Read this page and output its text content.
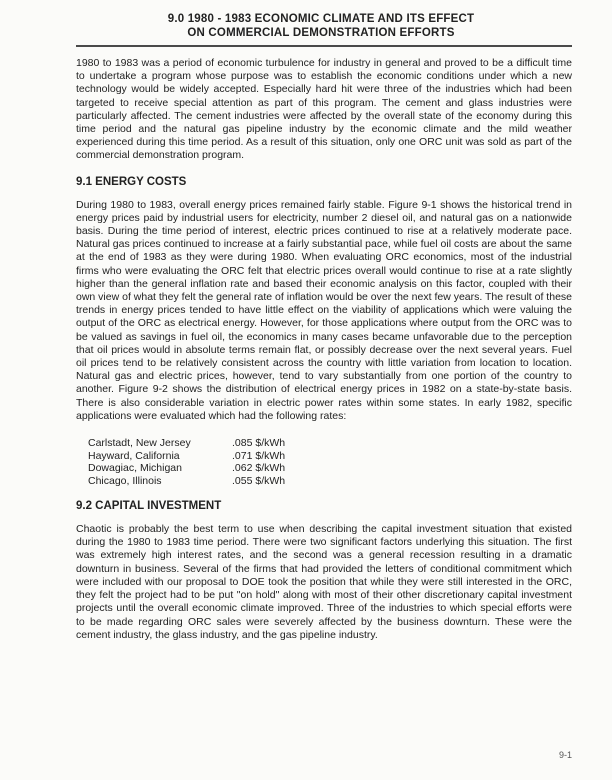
9.0 1980 - 1983 ECONOMIC CLIMATE AND ITS EFFECT
ON COMMERCIAL DEMONSTRATION EFFORTS

1980 to 1983 was a period of economic turbulence for industry in general and proved to be a difficult time to undertake a program whose purpose was to establish the economic conditions under which a new technology would be widely accepted. Especially hard hit were three of the industries which had been targeted to receive special attention as part of this program. The cement and glass industries were particularly affected. The cement industries were affected by the overall state of the economy during this time period and the natural gas pipeline industry by the economic climate and the mild weather experienced during this time period. As a result of this situation, only one ORC unit was sold as part of the commercial demonstration program.

9.1 ENERGY COSTS

During 1980 to 1983, overall energy prices remained fairly stable. Figure 9-1 shows the historical trend in energy prices paid by industrial users for electricity, number 2 diesel oil, and natural gas on a nationwide basis. During the time period of interest, electric prices continued to rise at a relatively moderate pace. Natural gas prices continued to increase at a fairly substantial pace, while fuel oil costs are about the same at the end of 1983 as they were during 1980. When evaluating ORC economics, most of the industrial firms who were evaluating the ORC felt that electric prices overall would continue to rise at a rate slightly higher than the general inflation rate and based their economic analysis on this factor, coupled with their own view of what they felt the general rate of inflation would be over the next few years. The result of these trends in energy prices tended to have little effect on the viability of applications which were valuing the output of the ORC as electrical energy. However, for those applications where output from the ORC was to be valued as savings in fuel oil, the economics in many cases became unfavorable due to the perception that oil prices would in absolute terms remain flat, or possibly decrease over the next several years. Fuel oil prices tend to be relatively consistent across the country with little variation from location to location. Natural gas and electric prices, however, tend to vary substantially from one portion of the country to another. Figure 9-2 shows the distribution of electrical energy prices in 1982 on a state-by-state basis. There is also considerable variation in electric power rates within some states. In early 1982, specific applications were evaluated which had the following rates:

Carlstadt, New Jersey	.085 $/kWh
Hayward, California	.071 $/kWh
Dowagiac, Michigan	.062 $/kWh
Chicago, Illinois	.055 $/kWh
9.2 CAPITAL INVESTMENT

Chaotic is probably the best term to use when describing the capital investment situation that existed during the 1980 to 1983 time period. There were two significant factors underlying this situation. The first was extremely high interest rates, and the second was a general recession resulting in a dramatic downturn in business. Several of the firms that had provided the letters of conditional commitment which were included with our proposal to DOE took the position that while they were still interested in the ORC, they felt the project had to be put "on hold" along with most of their other discretionary capital investment projects until the overall economic climate improved. Three of the industries to which special efforts were to be made regarding ORC sales were severely affected by the business downturn. These were the cement industry, the glass industry, and the gas pipeline industry.

9-1
